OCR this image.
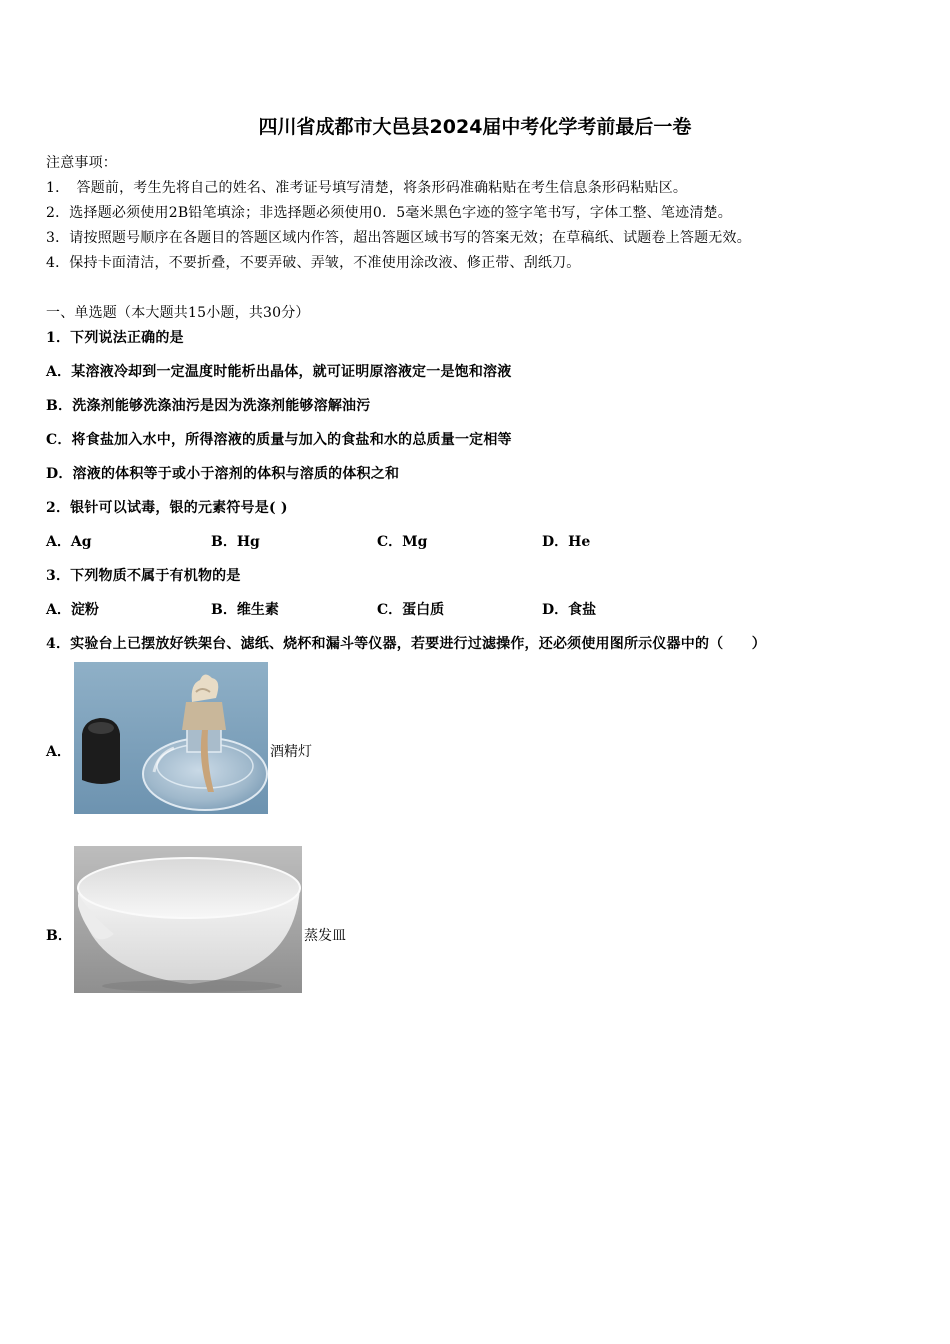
四川省成都市大邑县2024届中考化学考前最后一卷
注意事项：
1．　答题前，考生先将自己的姓名、准考证号填写清楚，将条形码准确粘贴在考生信息条形码粘贴区。
2．选择题必须使用2B铅笔填涂；非选择题必须使用0．5毫米黑色字迹的签字笔书写，字体工整、笔迹清楚。
3．请按照题号顺序在各题目的答题区域内作答，超出答题区域书写的答案无效；在草稿纸、试题卷上答题无效。
4．保持卡面清洁，不要折叠，不要弄破、弄皱，不准使用涂改液、修正带、刮纸刀。
一、单选题（本大题共15小题，共30分）
1．下列说法正确的是
A．某溶液冷却到一定温度时能析出晶体，就可证明原溶液定一是饱和溶液
B．洗涤剂能够洗涤油污是因为洗涤剂能够溶解油污
C．将食盐加入水中，所得溶液的质量与加入的食盐和水的总质量一定相等
D．溶液的体积等于或小于溶剂的体积与溶质的体积之和
2．银针可以试毒，银的元素符号是( )
A．Ag	B．Hg	C．Mg	D．He
3．下列物质不属于有机物的是
A．淀粉	B．维生素	C．蛋白质	D．食盐
4．实验台上已摆放好铁架台、滤纸、烧杯和漏斗等仪器，若要进行过滤操作，还必须使用图所示仪器中的（　　）
A．	酒精灯
B．	蒸发皿
